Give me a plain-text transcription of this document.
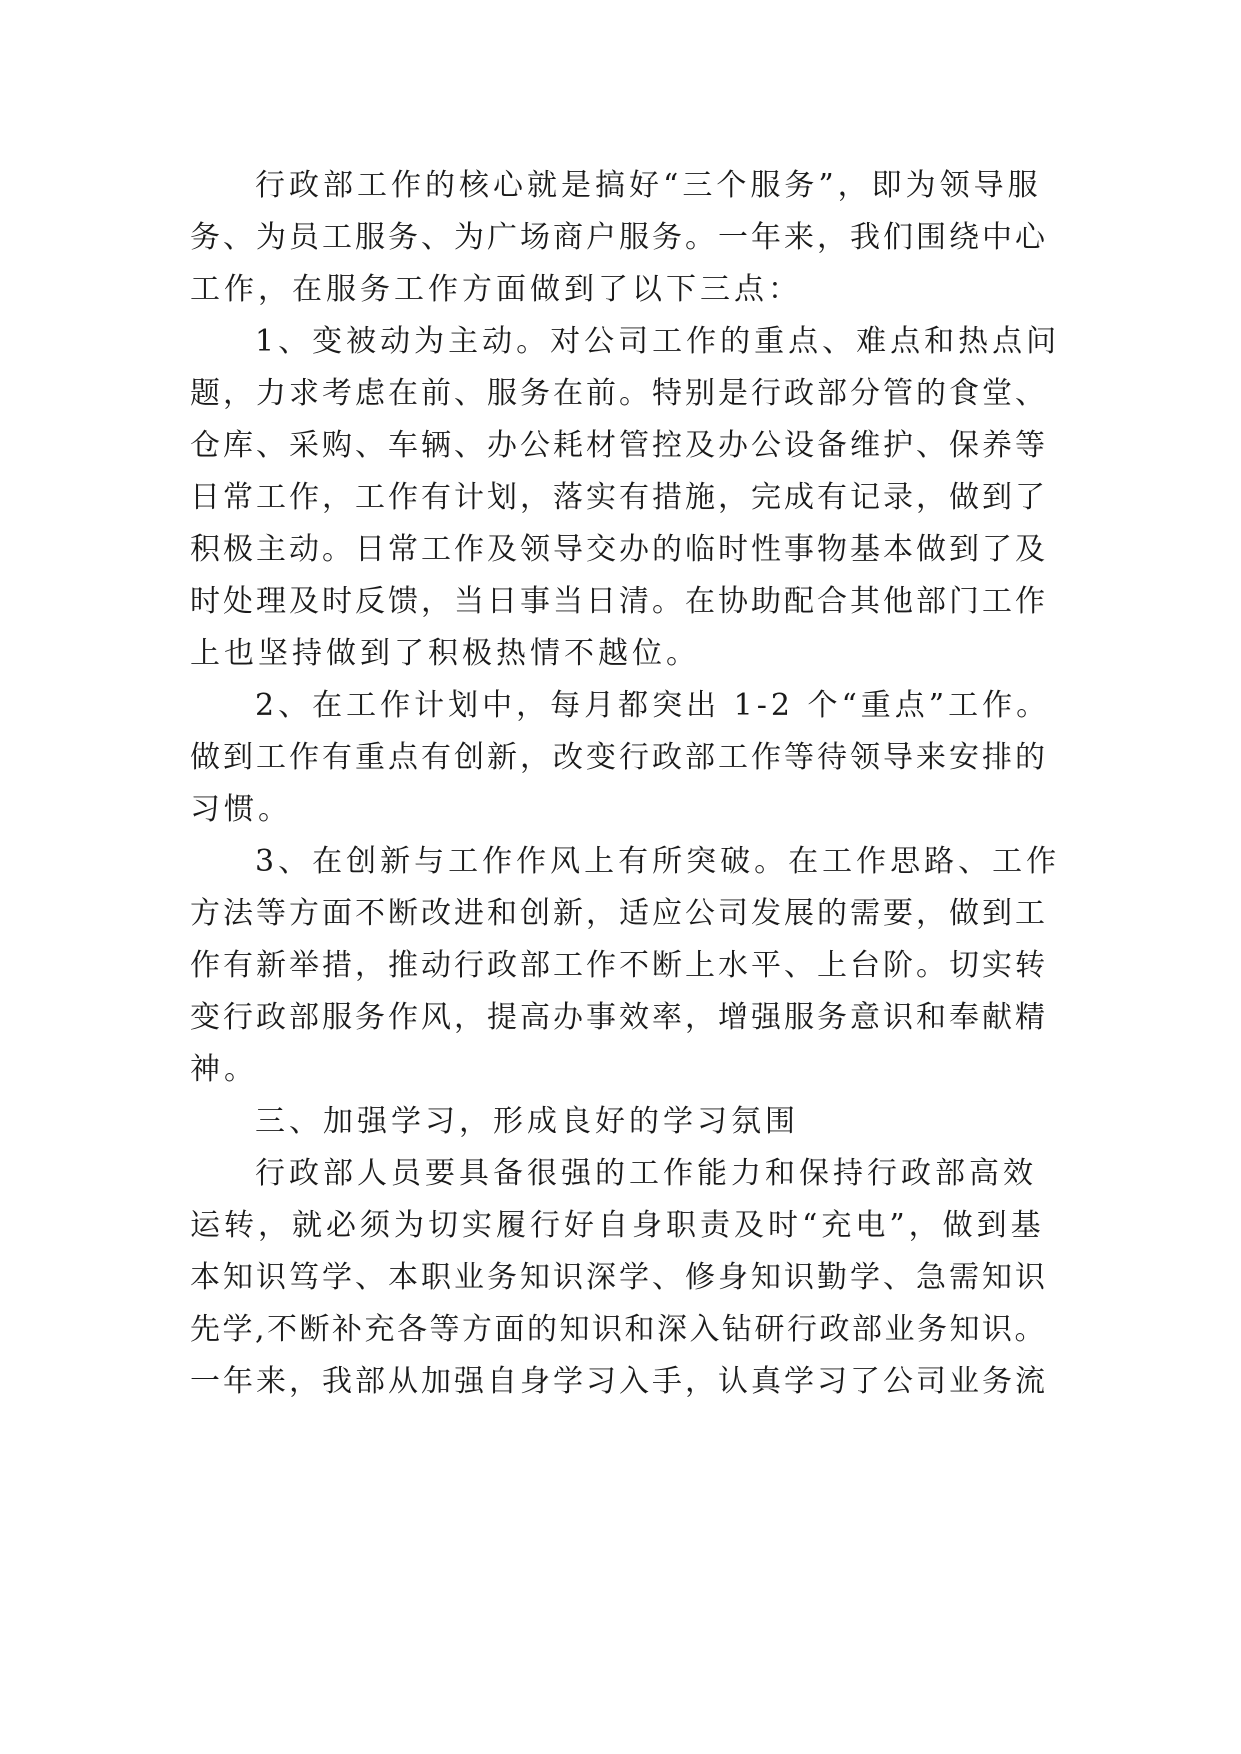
行政部工作的核心就是搞好“三个服务”，即为领导服
务、为员工服务、为广场商户服务。一年来，我们围绕中心
工作，在服务工作方面做到了以下三点：
1、变被动为主动。对公司工作的重点、难点和热点问
题，力求考虑在前、服务在前。特别是行政部分管的食堂、
仓库、采购、车辆、办公耗材管控及办公设备维护、保养等
日常工作，工作有计划，落实有措施，完成有记录，做到了
积极主动。日常工作及领导交办的临时性事物基本做到了及
时处理及时反馈，当日事当日清。在协助配合其他部门工作
上也坚持做到了积极热情不越位。
2、在工作计划中，每月都突出 1-2 个“重点”工作。
做到工作有重点有创新，改变行政部工作等待领导来安排的
习惯。
3、在创新与工作作风上有所突破。在工作思路、工作
方法等方面不断改进和创新，适应公司发展的需要，做到工
作有新举措，推动行政部工作不断上水平、上台阶。切实转
变行政部服务作风，提高办事效率，增强服务意识和奉献精
神。
三、加强学习，形成良好的学习氛围
行政部人员要具备很强的工作能力和保持行政部高效
运转，就必须为切实履行好自身职责及时“充电”，做到基
本知识笃学、本职业务知识深学、修身知识勤学、急需知识
先学,不断补充各等方面的知识和深入钻研行政部业务知识。
一年来，我部从加强自身学习入手，认真学习了公司业务流
